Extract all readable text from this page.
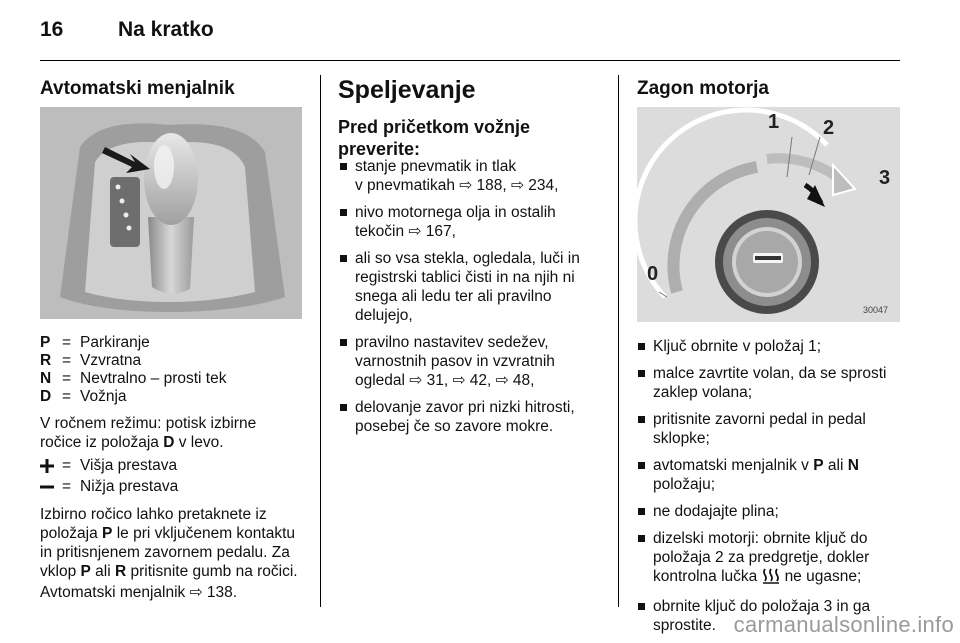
16	Na kratko
Avtomatski menjalnik
P = Parkiranje
R = Vzvratna
N = Nevtralno – prosti tek
D = Vožnja
V ročnem režimu: potisk izbirne
ročice iz položaja D v levo.
= Višja prestava
= Nižja prestava
Izbirno ročico lahko pretaknete iz
položaja P le pri vključenem kontaktu
in pritisnjenem zavornem pedalu. Za
vklop P ali R pritisnite gumb na ročici.
Avtomatski menjalnik ⇨ 138.
Speljevanje
Pred pričetkom vožnje
preverite:
stanje pnevmatik in tlak
v pnevmatikah ⇨ 188, ⇨ 234,
nivo motornega olja in ostalih
tekočin ⇨ 167,
ali so vsa stekla, ogledala, luči in
registrski tablici čisti in na njih ni
snega ali ledu ter ali pravilno
delujejo,
pravilno nastavitev sedežev,
varnostnih pasov in vzvratnih
ogledal ⇨ 31, ⇨ 42, ⇨ 48,
delovanje zavor pri nizki hitrosti,
posebej če so zavore mokre.
Zagon motorja
0
1 2
3
30047
Ključ obrnite v položaj 1;
malce zavrtite volan, da se sprosti
zaklep volana;
pritisnite zavorni pedal in pedal
sklopke;
avtomatski menjalnik v P ali N
položaju;
ne dodajajte plina;
dizelski motorji: obrnite ključ do
položaja 2 za predgretje, dokler
kontrolna lučka ne ugasne;
obrnite ključ do položaja 3 in ga
sprostite. carmanualsonline.info
